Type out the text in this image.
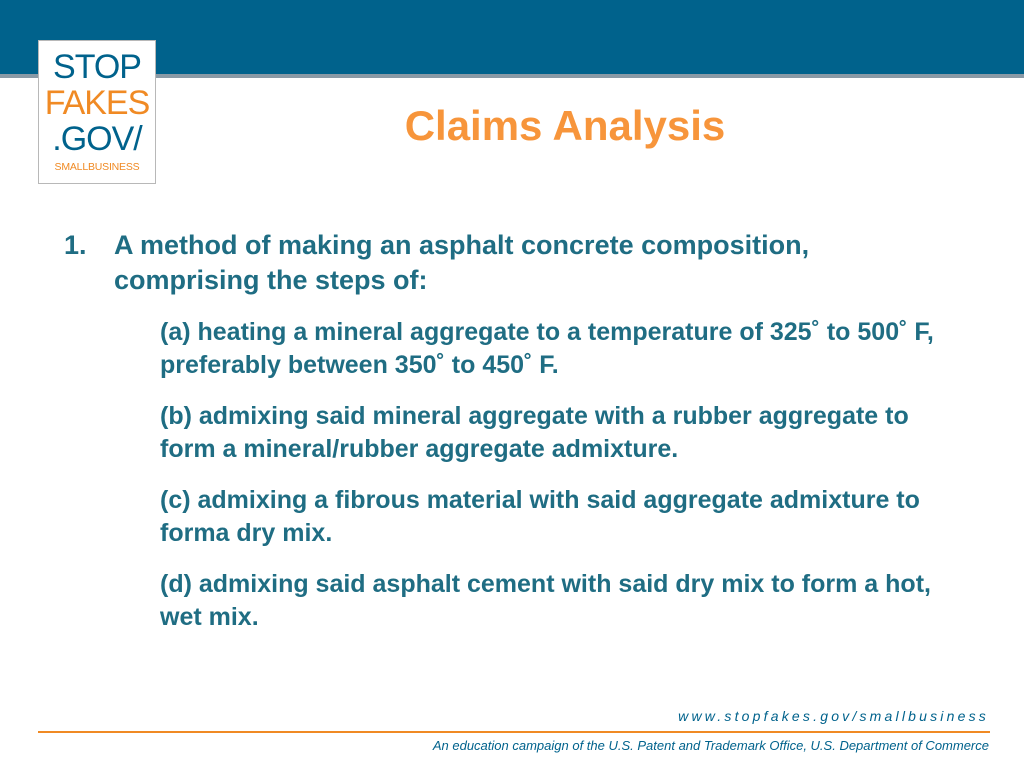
STOP
FAKES
.GOV/
SMALLBUSINESS
Claims Analysis
1.	A method of making an asphalt concrete composition, comprising the steps of:
(a) heating a mineral aggregate to a temperature of 325˚ to 500˚ F, preferably between 350˚ to 450˚ F.
(b) admixing said mineral aggregate with a rubber aggregate to form a mineral/rubber aggregate admixture.
(c) admixing a fibrous material with said aggregate admixture to forma dry mix.
(d) admixing said asphalt cement with said dry mix to form a hot, wet mix.
www.stopfakes.gov/smallbusiness
An education campaign of the U.S. Patent and Trademark Office, U.S. Department of Commerce
